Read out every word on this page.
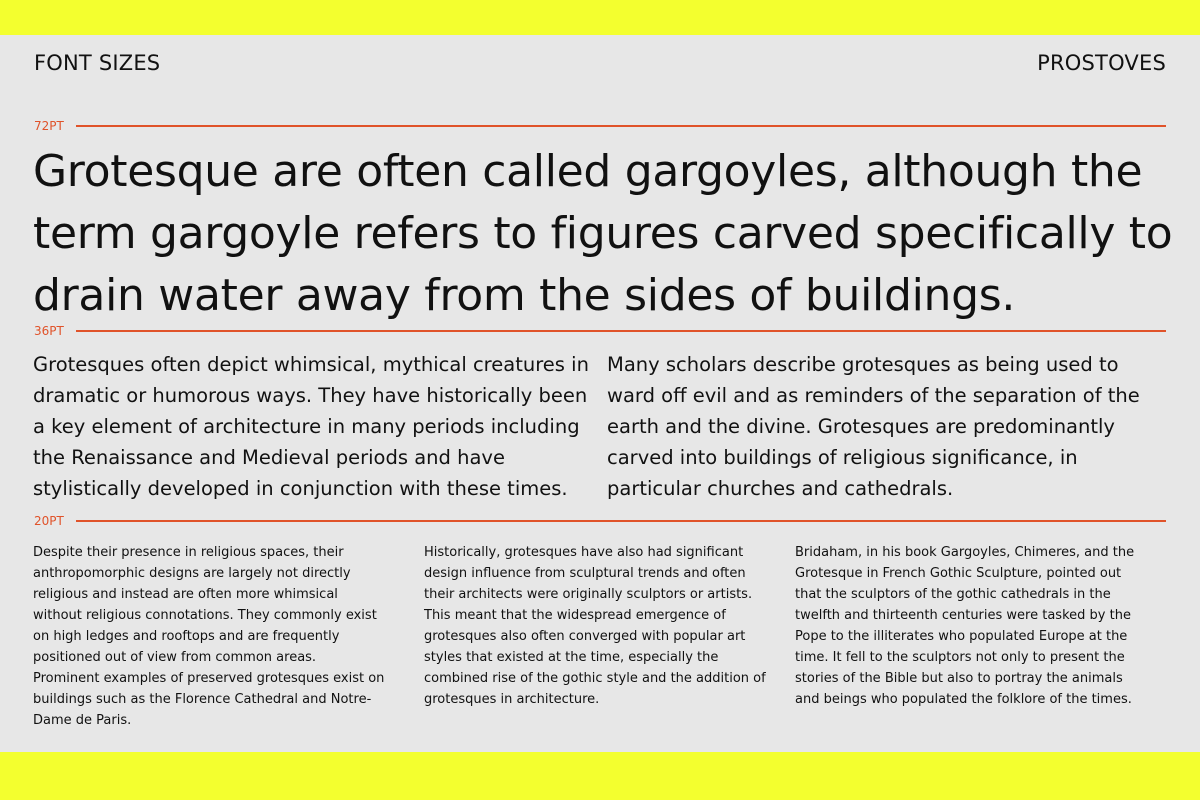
FONT SIZES	PROSTOVES
72PT

Grotesque are often called gargoyles, although the term gargoyle refers to figures carved specifically to drain water away from the sides of buildings.

36PT

Grotesques often depict whimsical, mythical creatures in dramatic or humorous ways. They have historically been a key element of architecture in many periods including the Renaissance and Medieval periods and have stylistically developed in conjunction with these times.

Many scholars describe grotesques as being used to ward off evil and as reminders of the separation of the earth and the divine. Grotesques are predominantly carved into buildings of religious significance, in particular churches and cathedrals.

20PT

Despite their presence in religious spaces, their anthropomorphic designs are largely not directly religious and instead are often more whimsical without religious connotations. They commonly exist on high ledges and rooftops and are frequently positioned out of view from common areas. Prominent examples of preserved grotesques exist on buildings such as the Florence Cathedral and Notre-Dame de Paris.

Historically, grotesques have also had significant design influence from sculptural trends and often their architects were originally sculptors or artists. This meant that the widespread emergence of grotesques also often converged with popular art styles that existed at the time, especially the combined rise of the gothic style and the addition of grotesques in architecture.

Bridaham, in his book Gargoyles, Chimeres, and the Grotesque in French Gothic Sculpture, pointed out that the sculptors of the gothic cathedrals in the twelfth and thirteenth centuries were tasked by the Pope to the illiterates who populated Europe at the time. It fell to the sculptors not only to present the stories of the Bible but also to portray the animals and beings who populated the folklore of the times.
